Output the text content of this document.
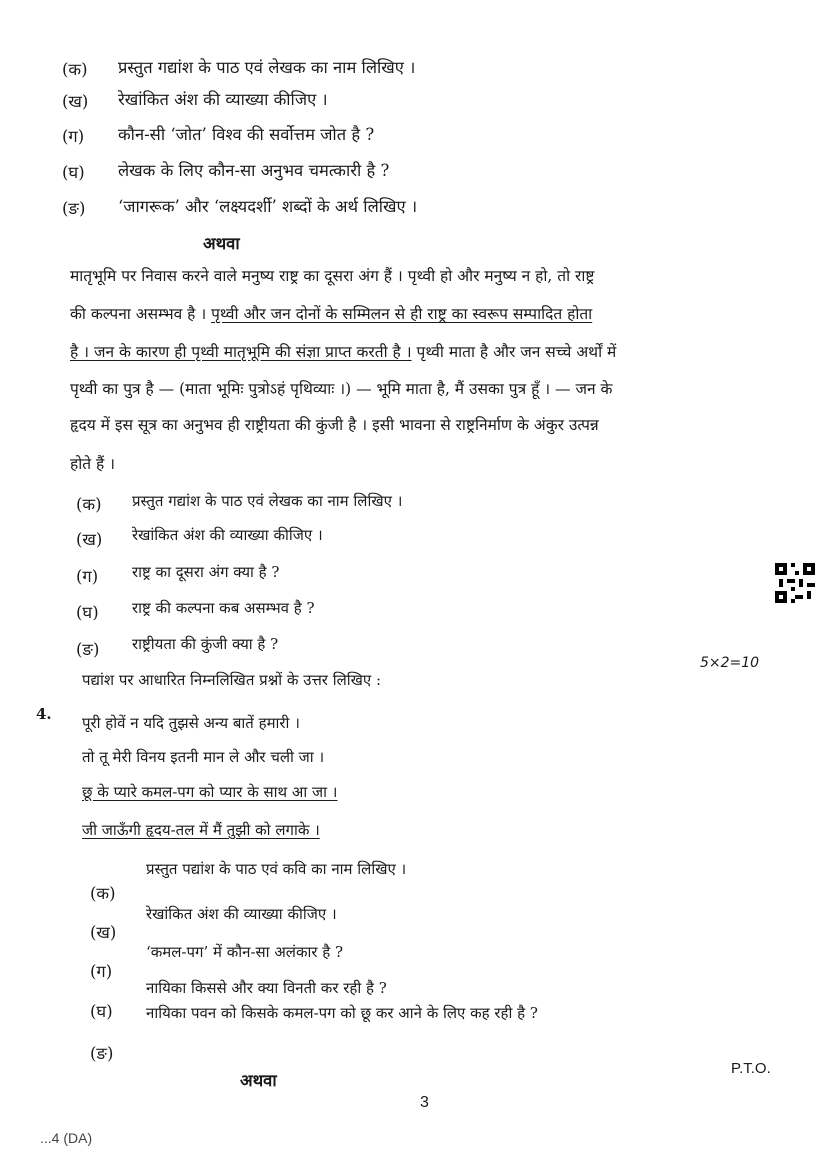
(क) प्रस्तुत गद्यांश के पाठ एवं लेखक का नाम लिखिए ।
(ख) रेखांकित अंश की व्याख्या कीजिए ।
(ग) कौन-सी ‘जोत’ विश्व की सर्वोत्तम जोत है ?
(घ) लेखक के लिए कौन-सा अनुभव चमत्कारी है ?
(ङ) ‘जागरूक’ और ‘लक्ष्यदर्शी’ शब्दों के अर्थ लिखिए ।
अथवा
मातृभूमि पर निवास करने वाले मनुष्य राष्ट्र का दूसरा अंग हैं । पृथ्वी हो और मनुष्य न हो, तो राष्ट्र
की कल्पना असम्भव है । पृथ्वी और जन दोनों के सम्मिलन से ही राष्ट्र का स्वरूप सम्पादित होता
है । जन के कारण ही पृथ्वी मातृभूमि की संज्ञा प्राप्त करती है । पृथ्वी माता है और जन सच्चे अर्थों में
पृथ्वी का पुत्र है — (माता भूमिः पुत्रोऽहं पृथिव्याः ।) — भूमि माता है, मैं उसका पुत्र हूँ । — जन के
हृदय में इस सूत्र का अनुभव ही राष्ट्रीयता की कुंजी है । इसी भावना से राष्ट्रनिर्माण के अंकुर उत्पन्न
होते हैं ।
(क) प्रस्तुत गद्यांश के पाठ एवं लेखक का नाम लिखिए ।
(ख) रेखांकित अंश की व्याख्या कीजिए ।
(ग) राष्ट्र का दूसरा अंग क्या है ?
(घ) राष्ट्र की कल्पना कब असम्भव है ?
(ङ) राष्ट्रीयता की कुंजी क्या है ?
5×2=10
4.
पद्यांश पर आधारित निम्नलिखित प्रश्नों के उत्तर लिखिए :
पूरी होवें न यदि तुझसे अन्य बातें हमारी ।
तो तू मेरी विनय इतनी मान ले और चली जा ।
छू के प्यारे कमल-पग को प्यार के साथ आ जा ।
जी जाऊँगी हृदय-तल में मैं तुझी को लगाके ।
(क)
प्रस्तुत पद्यांश के पाठ एवं कवि का नाम लिखिए ।
(ख)
रेखांकित अंश की व्याख्या कीजिए ।
(ग)
‘कमल-पग’ में कौन-सा अलंकार है ?
(घ)
नायिका किससे और क्या विनती कर रही है ?
(ङ)
नायिका पवन को किसके कमल-पग को छू कर आने के लिए कह रही है ?
अथवा
P.T.O.
3
...4 (DA)
